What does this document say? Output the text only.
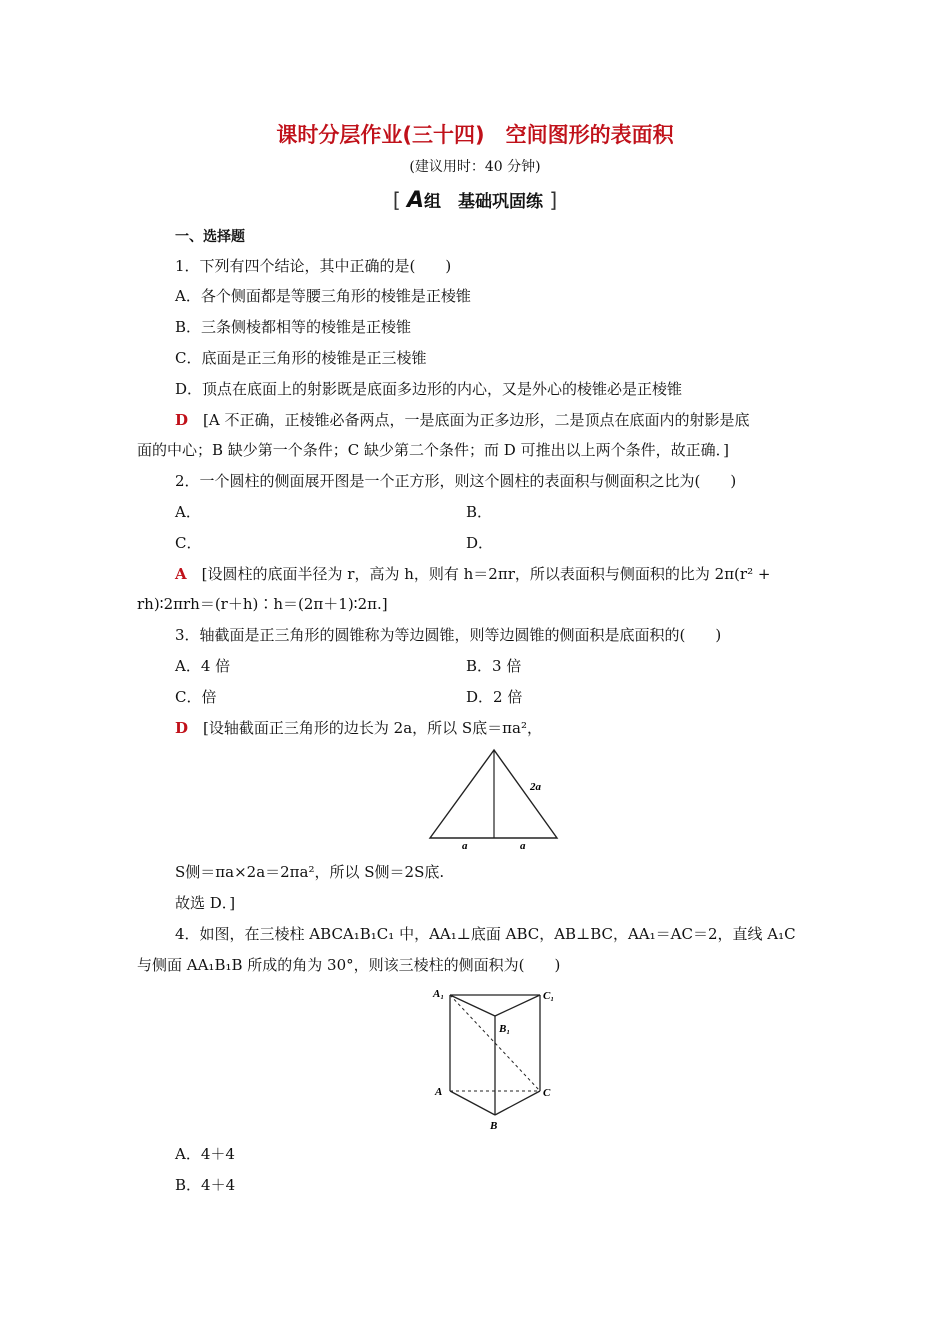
课时分层作业(三十四)　空间图形的表面积
(建议用时：40 分钟)
[ A组　基础巩固练 ]
一、选择题
1．下列有四个结论，其中正确的是(　　)
A．各个侧面都是等腰三角形的棱锥是正棱锥
B．三条侧棱都相等的棱锥是正棱锥
C．底面是正三角形的棱锥是正三棱锥
D．顶点在底面上的射影既是底面多边形的内心，又是外心的棱锥必是正棱锥
D　 [A 不正确，正棱锥必备两点，一是底面为正多边形，二是顶点在底面内的射影是底
面的中心；B 缺少第一个条件；C 缺少第二个条件；而 D 可推出以上两个条件，故正确．]
2．一个圆柱的侧面展开图是一个正方形，则这个圆柱的表面积与侧面积之比为(　　)
A．	B．
C．	D．
A　 [设圆柱的底面半径为 r，高为 h，则有 h＝2πr，所以表面积与侧面积的比为 2π(r² +
rh)∶2πrh＝(r＋h)∶h＝(2π＋1)∶2π.]
3．轴截面是正三角形的圆锥称为等边圆锥，则等边圆锥的侧面积是底面积的(　　)
A．4 倍	B．3 倍
C．倍	D．2 倍
D　 [设轴截面正三角形的边长为 2a，所以 S底＝πa²，
2a
a	a
S侧＝πa×2a＝2πa²，所以 S侧＝2S底.
故选 D．]
4．如图，在三棱柱 ABCA₁B₁C₁ 中，AA₁⊥底面 ABC，AB⊥BC，AA₁＝AC＝2，直线 A₁C
与侧面 AA₁B₁B 所成的角为 30°，则该三棱柱的侧面积为(　　)
A₁
B₁
C₁
A
B
C
A．4＋4
B．4＋4
